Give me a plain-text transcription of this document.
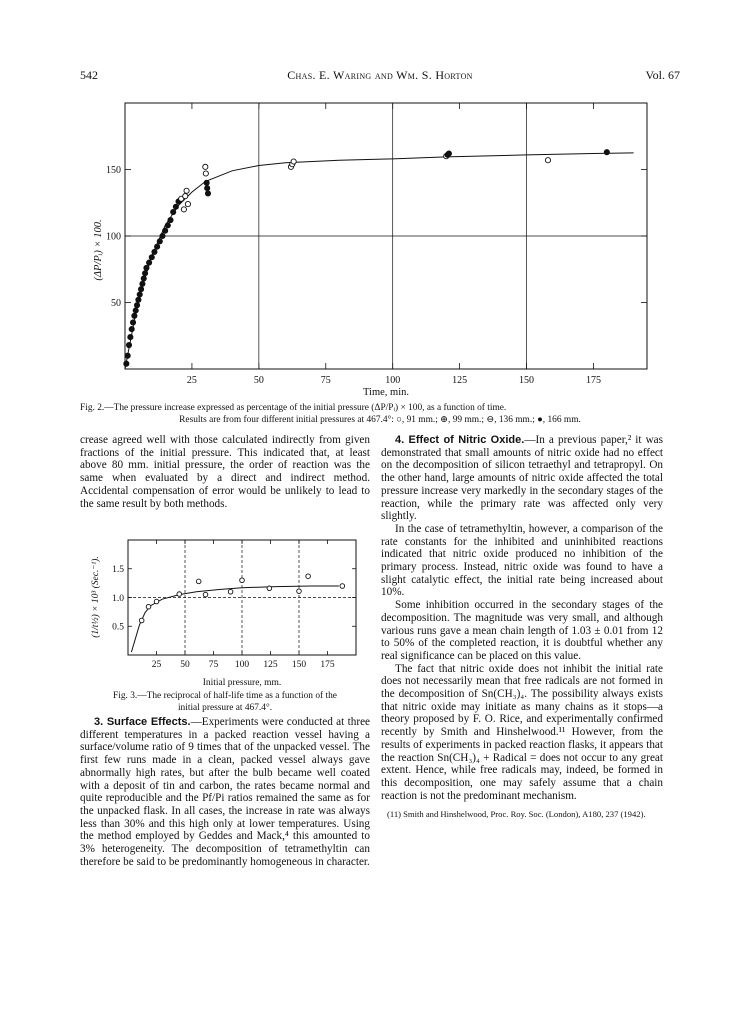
542	Chas. E. Waring and Wm. S. Horton	Vol. 67
25	50	75	100	125	150	175
50
100
150
(ΔP/Pᵢ) × 100.
Time, min.
Fig. 2.—The pressure increase expressed as percentage of the initial pressure (ΔP/Pᵢ) × 100, as a function of time.
Results are from four different initial pressures at 467.4°: ○, 91 mm.; ⊕, 99 mm.; ⊖, 136 mm.; ●, 166 mm.

crease agreed well with those calculated indirectly from given fractions of the initial pressure. This indicated that, at least above 80 mm. initial pressure, the order of reaction was the same when evaluated by a direct and indirect method. Accidental compensation of error would be unlikely to lead to the same result by both methods.

25 50 75 100 125 150 175
0.5
1.0
1.5
(1/t½) × 10³ (Sec.⁻¹).
Initial pressure, mm.
Fig. 3.—The reciprocal of half-life time as a function of the
initial pressure at 467.4°.

3. Surface Effects.—Experiments were conducted at three different temperatures in a packed reaction vessel having a surface/volume ratio of 9 times that of the unpacked vessel. The first few runs made in a clean, packed vessel always gave abnormally high rates, but after the bulb became well coated with a deposit of tin and carbon, the rates became normal and quite reproducible and the Pf/Pi ratios remained the same as for the unpacked flask. In all cases, the increase in rate was always less than 30% and this high only at lower temperatures. Using the method employed by Geddes and Mack,⁴ this amounted to 3% heterogeneity. The decomposition of tetramethyltin can therefore be said to be predominantly homogeneous in character.

4. Effect of Nitric Oxide.—In a previous paper,² it was demonstrated that small amounts of nitric oxide had no effect on the decomposition of silicon tetraethyl and tetrapropyl. On the other hand, large amounts of nitric oxide affected the total pressure increase very markedly in the secondary stages of the reaction, while the primary rate was affected only very slightly.

In the case of tetramethyltin, however, a comparison of the rate constants for the inhibited and uninhibited reactions indicated that nitric oxide produced no inhibition of the primary process. Instead, nitric oxide was found to have a slight catalytic effect, the initial rate being increased about 10%.

Some inhibition occurred in the secondary stages of the decomposition. The magnitude was very small, and although various runs gave a mean chain length of 1.03 ± 0.01 from 12 to 50% of the completed reaction, it is doubtful whether any real significance can be placed on this value.

The fact that nitric oxide does not inhibit the initial rate does not necessarily mean that free radicals are not formed in the decomposition of Sn(CH₃)₄. The possibility always exists that nitric oxide may initiate as many chains as it stops—a theory proposed by F. O. Rice, and experimentally confirmed recently by Smith and Hinshelwood.¹¹ However, from the results of experiments in packed reaction flasks, it appears that the reaction Sn(CH₃)₄ + Radical = does not occur to any great extent. Hence, while free radicals may, indeed, be formed in this decomposition, one may safely assume that a chain reaction is not the predominant mechanism.

(11) Smith and Hinshelwood, Proc. Roy. Soc. (London), A180, 237 (1942).
